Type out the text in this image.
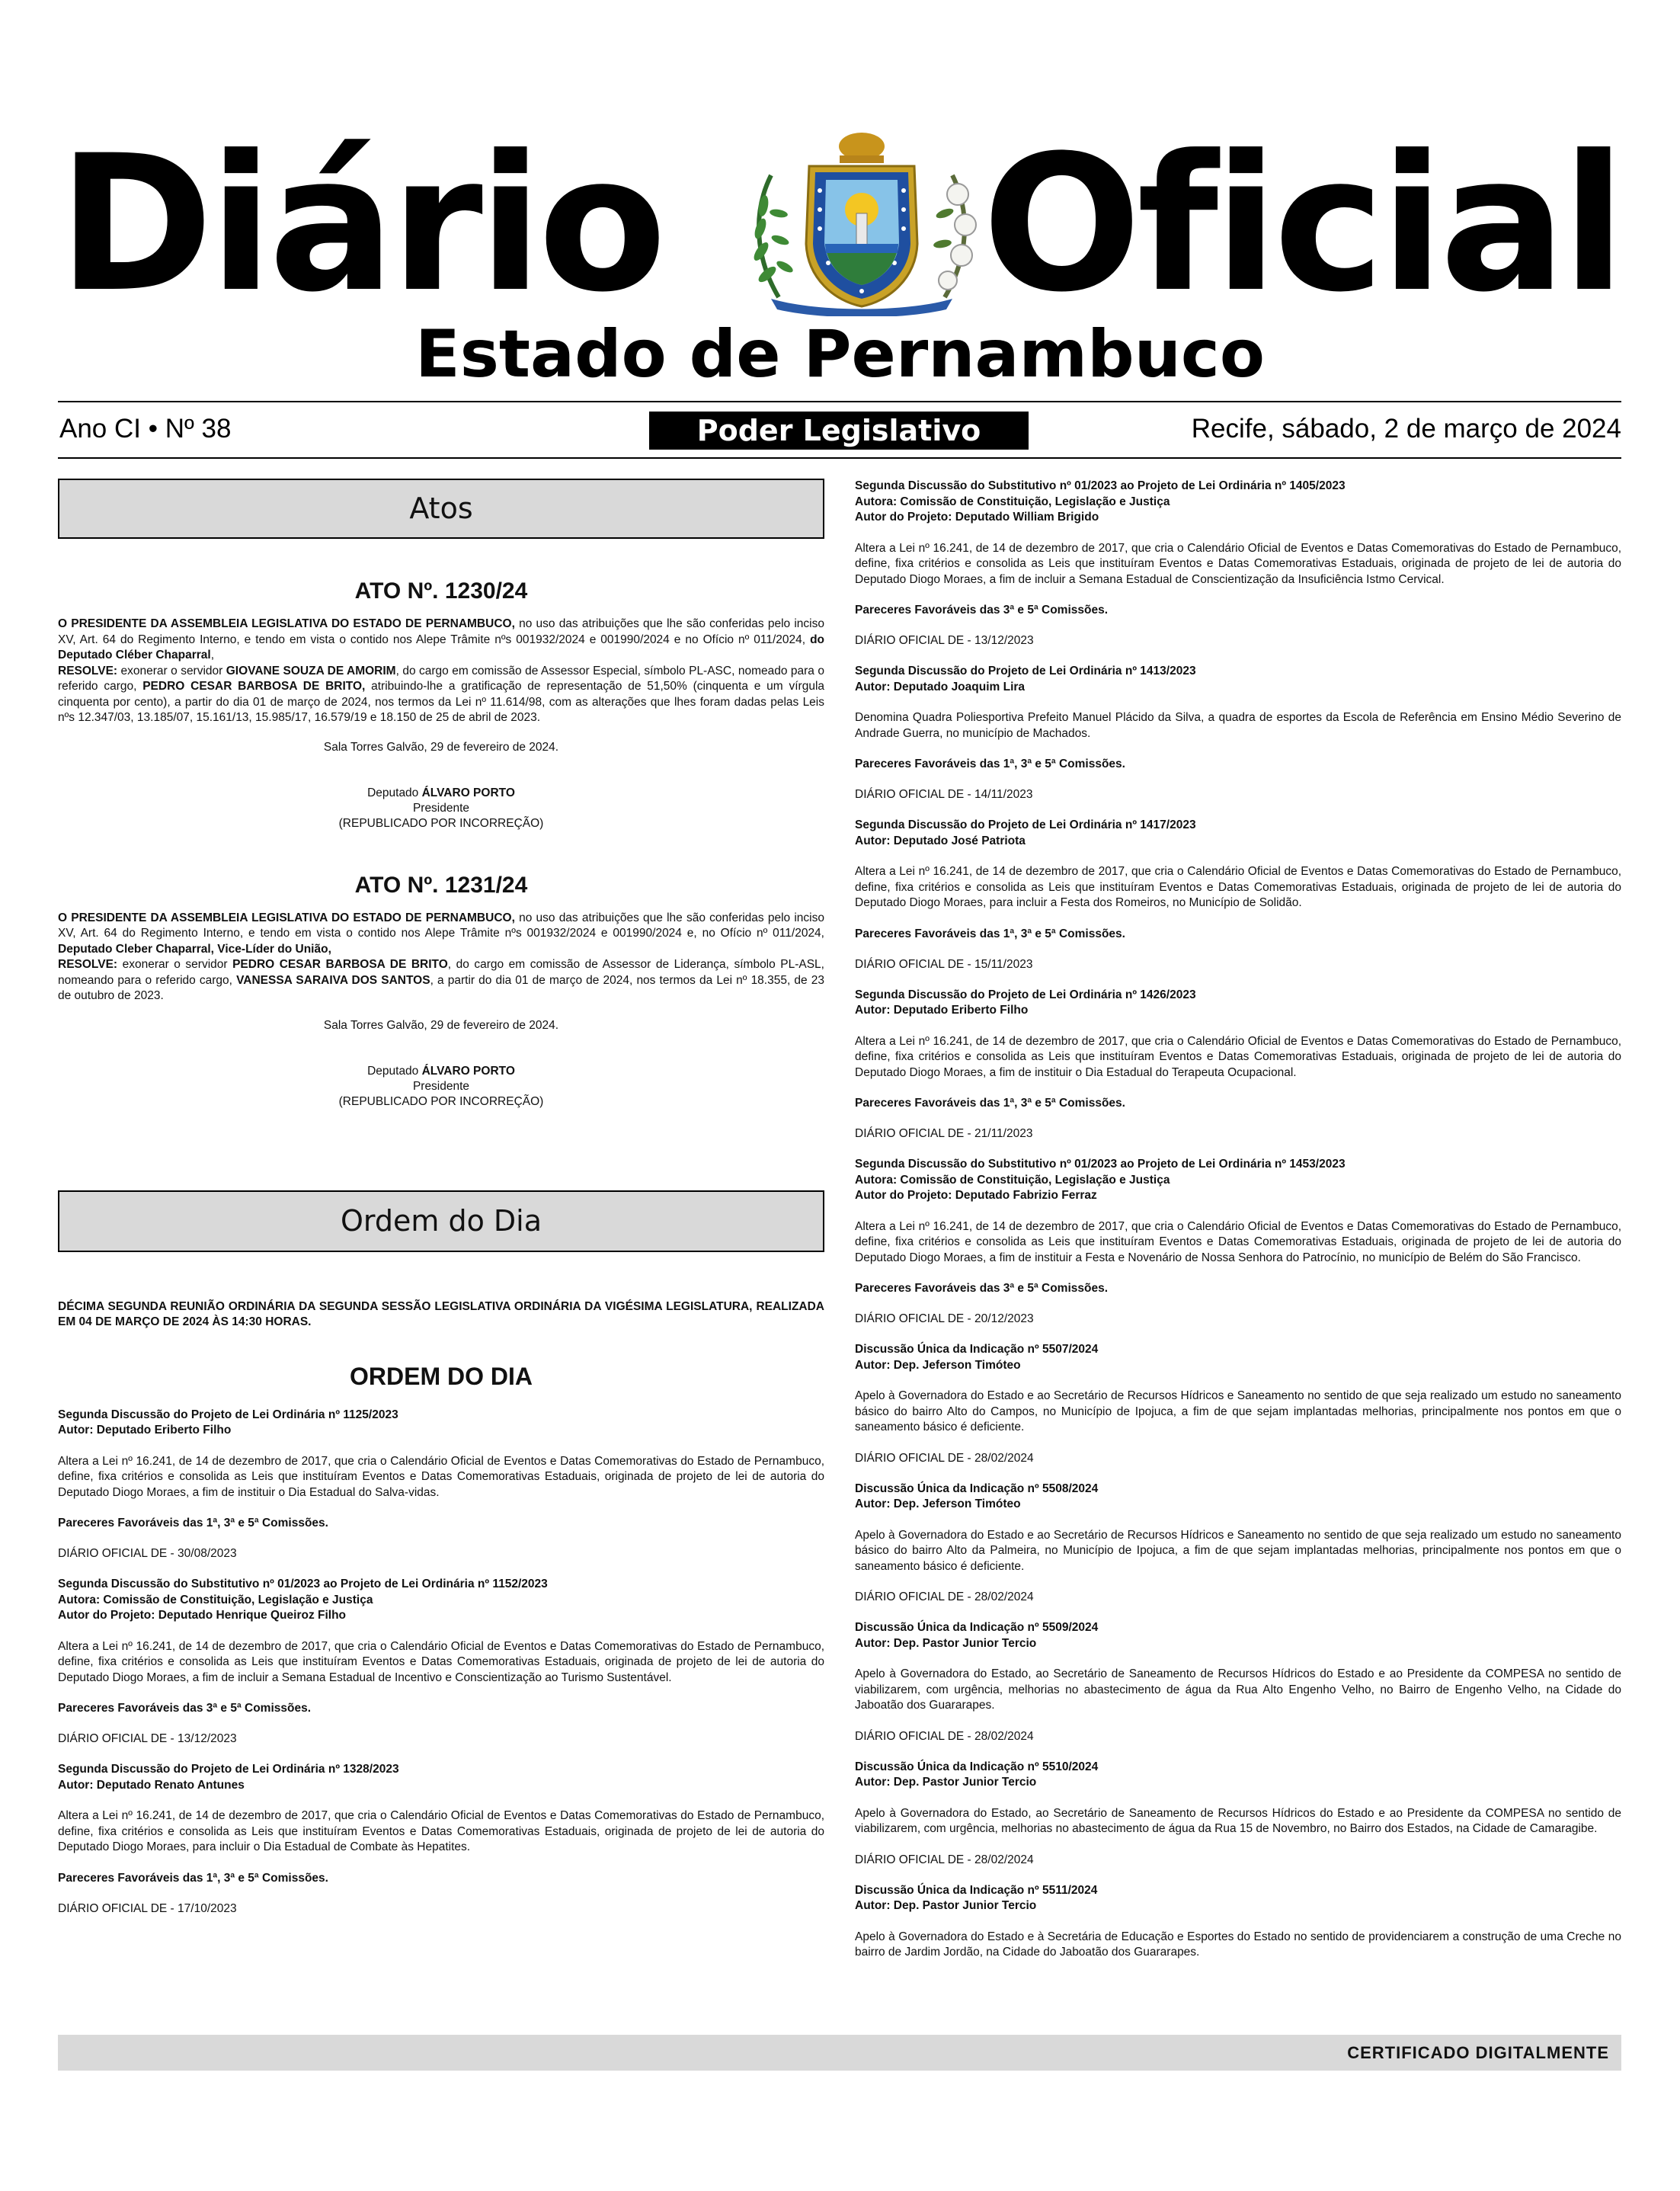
Diário Oficial
Estado de Pernambuco
Ano CI • Nº 38	Poder Legislativo	Recife, sábado, 2 de março de 2024
Atos
ATO Nº. 1230/24

O PRESIDENTE DA ASSEMBLEIA LEGISLATIVA DO ESTADO DE PERNAMBUCO, no uso das atribuições que lhe são conferidas pelo inciso XV, Art. 64 do Regimento Interno, e tendo em vista o contido nos Alepe Trâmite nºs 001932/2024 e 001990/2024 e no Ofício nº 011/2024, do Deputado Cléber Chaparral,
RESOLVE: exonerar o servidor GIOVANE SOUZA DE AMORIM, do cargo em comissão de Assessor Especial, símbolo PL-ASC, nomeado para o referido cargo, PEDRO CESAR BARBOSA DE BRITO, atribuindo-lhe a gratificação de representação de 51,50% (cinquenta e um vírgula cinquenta por cento), a partir do dia 01 de março de 2024, nos termos da Lei nº 11.614/98, com as alterações que lhes foram dadas pelas Leis nºs 12.347/03, 13.185/07, 15.161/13, 15.985/17, 16.579/19 e 18.150 de 25 de abril de 2023.

Sala Torres Galvão, 29 de fevereiro de 2024.

Deputado ÁLVARO PORTO

Presidente

(REPUBLICADO POR INCORREÇÃO)

ATO Nº. 1231/24

O PRESIDENTE DA ASSEMBLEIA LEGISLATIVA DO ESTADO DE PERNAMBUCO, no uso das atribuições que lhe são conferidas pelo inciso XV, Art. 64 do Regimento Interno, e tendo em vista o contido nos Alepe Trâmite nºs 001932/2024 e 001990/2024 e, no Ofício nº 011/2024, Deputado Cleber Chaparral, Vice-Líder do União,
RESOLVE: exonerar o servidor PEDRO CESAR BARBOSA DE BRITO, do cargo em comissão de Assessor de Liderança, símbolo PL-ASL, nomeando para o referido cargo, VANESSA SARAIVA DOS SANTOS, a partir do dia 01 de março de 2024, nos termos da Lei nº 18.355, de 23 de outubro de 2023.

Sala Torres Galvão, 29 de fevereiro de 2024.

Deputado ÁLVARO PORTO

Presidente

(REPUBLICADO POR INCORREÇÃO)

Ordem do Dia

DÉCIMA SEGUNDA REUNIÃO ORDINÁRIA DA SEGUNDA SESSÃO LEGISLATIVA ORDINÁRIA DA VIGÉSIMA LEGISLATURA, REALIZADA EM 04 DE MARÇO DE 2024 ÀS 14:30 HORAS.

ORDEM DO DIA

Segunda Discussão do Projeto de Lei Ordinária nº 1125/2023

Autor: Deputado Eriberto Filho

Altera a Lei nº 16.241, de 14 de dezembro de 2017, que cria o Calendário Oficial de Eventos e Datas Comemorativas do Estado de Pernambuco, define, fixa critérios e consolida as Leis que instituíram Eventos e Datas Comemorativas Estaduais, originada de projeto de lei de autoria do Deputado Diogo Moraes, a fim de instituir o Dia Estadual do Salva-vidas.

Pareceres Favoráveis das 1ª, 3ª e 5ª Comissões.

DIÁRIO OFICIAL DE - 30/08/2023

Segunda Discussão do Substitutivo nº 01/2023 ao Projeto de Lei Ordinária nº 1152/2023

Autora: Comissão de Constituição, Legislação e Justiça

Autor do Projeto: Deputado Henrique Queiroz Filho

Altera a Lei nº 16.241, de 14 de dezembro de 2017, que cria o Calendário Oficial de Eventos e Datas Comemorativas do Estado de Pernambuco, define, fixa critérios e consolida as Leis que instituíram Eventos e Datas Comemorativas Estaduais, originada de projeto de lei de autoria do Deputado Diogo Moraes, a fim de incluir a Semana Estadual de Incentivo e Conscientização ao Turismo Sustentável.

Pareceres Favoráveis das 3ª e 5ª Comissões.

DIÁRIO OFICIAL DE - 13/12/2023

Segunda Discussão do Projeto de Lei Ordinária nº 1328/2023

Autor: Deputado Renato Antunes

Altera a Lei nº 16.241, de 14 de dezembro de 2017, que cria o Calendário Oficial de Eventos e Datas Comemorativas do Estado de Pernambuco, define, fixa critérios e consolida as Leis que instituíram Eventos e Datas Comemorativas Estaduais, originada de projeto de lei de autoria do Deputado Diogo Moraes, para incluir o Dia Estadual de Combate às Hepatites.

Pareceres Favoráveis das 1ª, 3ª e 5ª Comissões.

DIÁRIO OFICIAL DE - 17/10/2023

Segunda Discussão do Substitutivo nº 01/2023 ao Projeto de Lei Ordinária nº 1405/2023

Autora: Comissão de Constituição, Legislação e Justiça

Autor do Projeto: Deputado William Brigido

Altera a Lei nº 16.241, de 14 de dezembro de 2017, que cria o Calendário Oficial de Eventos e Datas Comemorativas do Estado de Pernambuco, define, fixa critérios e consolida as Leis que instituíram Eventos e Datas Comemorativas Estaduais, originada de projeto de lei de autoria do Deputado Diogo Moraes, a fim de incluir a Semana Estadual de Conscientização da Insuficiência Istmo Cervical.

Pareceres Favoráveis das 3ª e 5ª Comissões.

DIÁRIO OFICIAL DE - 13/12/2023

Segunda Discussão do Projeto de Lei Ordinária nº 1413/2023

Autor: Deputado Joaquim Lira

Denomina Quadra Poliesportiva Prefeito Manuel Plácido da Silva, a quadra de esportes da Escola de Referência em Ensino Médio Severino de Andrade Guerra, no município de Machados.

Pareceres Favoráveis das 1ª, 3ª e 5ª Comissões.

DIÁRIO OFICIAL DE - 14/11/2023

Segunda Discussão do Projeto de Lei Ordinária nº 1417/2023

Autor: Deputado José Patriota

Altera a Lei nº 16.241, de 14 de dezembro de 2017, que cria o Calendário Oficial de Eventos e Datas Comemorativas do Estado de Pernambuco, define, fixa critérios e consolida as Leis que instituíram Eventos e Datas Comemorativas Estaduais, originada de projeto de lei de autoria do Deputado Diogo Moraes, para incluir a Festa dos Romeiros, no Município de Solidão.

Pareceres Favoráveis das 1ª, 3ª e 5ª Comissões.

DIÁRIO OFICIAL DE - 15/11/2023

Segunda Discussão do Projeto de Lei Ordinária nº 1426/2023

Autor: Deputado Eriberto Filho

Altera a Lei nº 16.241, de 14 de dezembro de 2017, que cria o Calendário Oficial de Eventos e Datas Comemorativas do Estado de Pernambuco, define, fixa critérios e consolida as Leis que instituíram Eventos e Datas Comemorativas Estaduais, originada de projeto de lei de autoria do Deputado Diogo Moraes, a fim de instituir o Dia Estadual do Terapeuta Ocupacional.

Pareceres Favoráveis das 1ª, 3ª e 5ª Comissões.

DIÁRIO OFICIAL DE - 21/11/2023

Segunda Discussão do Substitutivo nº 01/2023 ao Projeto de Lei Ordinária nº 1453/2023

Autora: Comissão de Constituição, Legislação e Justiça

Autor do Projeto: Deputado Fabrizio Ferraz

Altera a Lei nº 16.241, de 14 de dezembro de 2017, que cria o Calendário Oficial de Eventos e Datas Comemorativas do Estado de Pernambuco, define, fixa critérios e consolida as Leis que instituíram Eventos e Datas Comemorativas Estaduais, originada de projeto de lei de autoria do Deputado Diogo Moraes, a fim de instituir a Festa e Novenário de Nossa Senhora do Patrocínio, no município de Belém do São Francisco.

Pareceres Favoráveis das 3ª e 5ª Comissões.

DIÁRIO OFICIAL DE - 20/12/2023

Discussão Única da Indicação nº 5507/2024

Autor: Dep. Jeferson Timóteo

Apelo à Governadora do Estado e ao Secretário de Recursos Hídricos e Saneamento no sentido de que seja realizado um estudo no saneamento básico do bairro Alto do Campos, no Município de Ipojuca, a fim de que sejam implantadas melhorias, principalmente nos pontos em que o saneamento básico é deficiente.

DIÁRIO OFICIAL DE - 28/02/2024

Discussão Única da Indicação nº 5508/2024

Autor: Dep. Jeferson Timóteo

Apelo à Governadora do Estado e ao Secretário de Recursos Hídricos e Saneamento no sentido de que seja realizado um estudo no saneamento básico do bairro Alto da Palmeira, no Município de Ipojuca, a fim de que sejam implantadas melhorias, principalmente nos pontos em que o saneamento básico é deficiente.

DIÁRIO OFICIAL DE - 28/02/2024

Discussão Única da Indicação nº 5509/2024

Autor: Dep. Pastor Junior Tercio

Apelo à Governadora do Estado, ao Secretário de Saneamento de Recursos Hídricos do Estado e ao Presidente da COMPESA no sentido de viabilizarem, com urgência, melhorias no abastecimento de água da Rua Alto Engenho Velho, no Bairro de Engenho Velho, na Cidade do Jaboatão dos Guararapes.

DIÁRIO OFICIAL DE - 28/02/2024

Discussão Única da Indicação nº 5510/2024

Autor: Dep. Pastor Junior Tercio

Apelo à Governadora do Estado, ao Secretário de Saneamento de Recursos Hídricos do Estado e ao Presidente da COMPESA no sentido de viabilizarem, com urgência, melhorias no abastecimento de água da Rua 15 de Novembro, no Bairro dos Estados, na Cidade de Camaragibe.

DIÁRIO OFICIAL DE - 28/02/2024

Discussão Única da Indicação nº 5511/2024

Autor: Dep. Pastor Junior Tercio

Apelo à Governadora do Estado e à Secretária de Educação e Esportes do Estado no sentido de providenciarem a construção de uma Creche no bairro de Jardim Jordão, na Cidade do Jaboatão dos Guararapes.

CERTIFICADO DIGITALMENTE
